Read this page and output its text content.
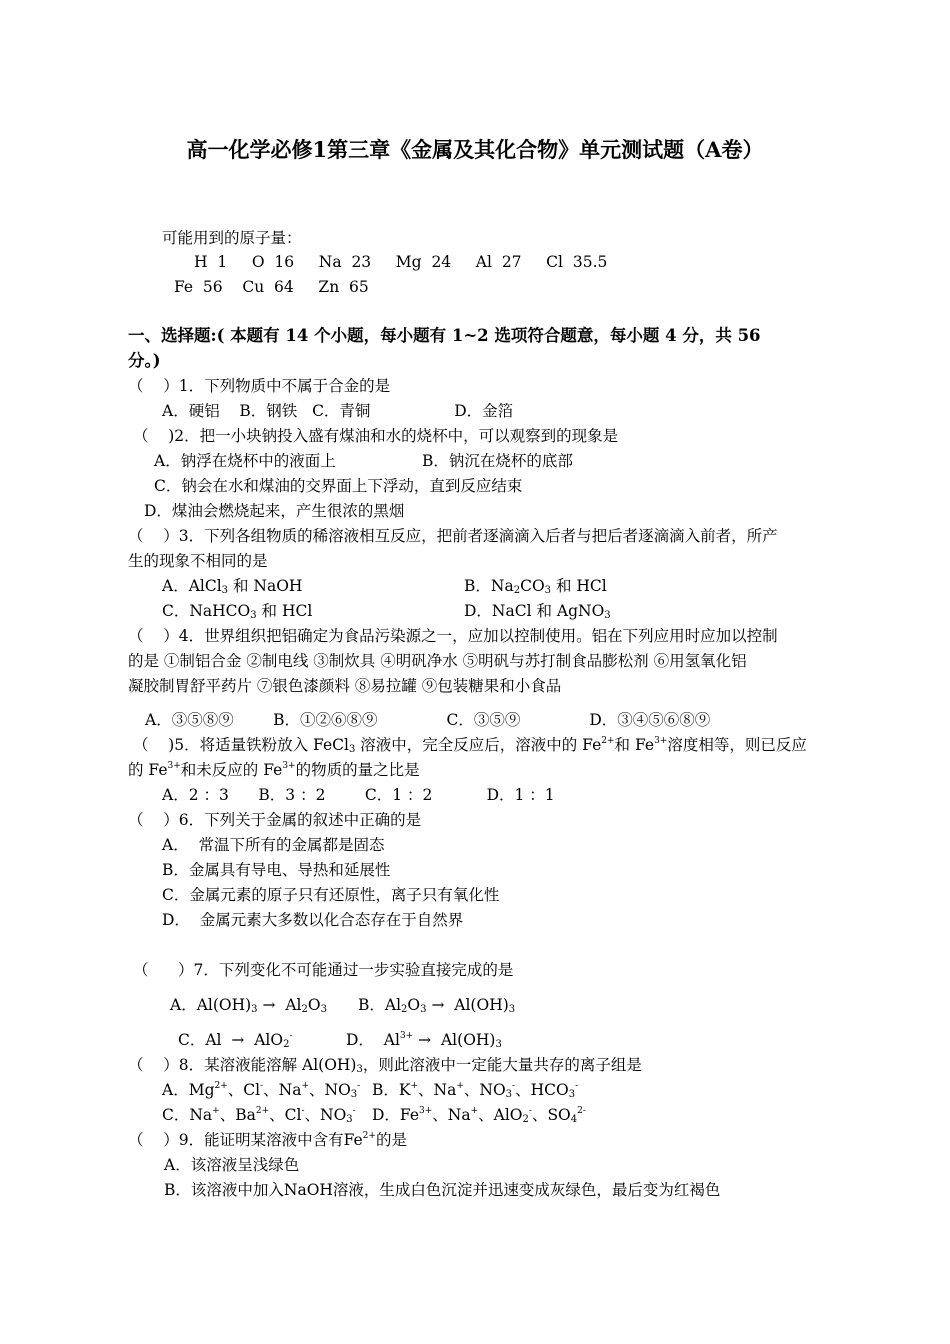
高一化学必修1第三章《金属及其化合物》单元测试题（A卷）
可能用到的原子量：
H  1     O  16     Na  23     Mg  24     Al  27     Cl  35.5
Fe  56    Cu  64     Zn  65
一、选择题:( 本题有 14 个小题，每小题有 1~2 选项符合题意，每小题 4 分，共 56
分。)
（    ）1．下列物质中不属于合金的是
A．硬铝    B．钢铁   C．青铜                 D．金箔
（    )2．把一小块钠投入盛有煤油和水的烧杯中，可以观察到的现象是
A．钠浮在烧杯中的液面上	B．钠沉在烧杯的底部
C．钠会在水和煤油的交界面上下浮动，直到反应结束
D．煤油会燃烧起来，产生很浓的黑烟
（    ）3．下列各组物质的稀溶液相互反应，把前者逐滴滴入后者与把后者逐滴滴入前者，所产
生的现象不相同的是
A．AlCl$_3$ 和 NaOH	B．$Na_2CO_3$ 和 HCl
C．NaHCO$_3$ 和 HCl	D．NaCl 和 AgNO$_3$
（    ）4．世界组织把铝确定为食品污染源之一，应加以控制使用。铝在下列应用时应加以控制
的是 ①制铝合金 ②制电线 ③制炊具 ④明矾净水 ⑤明矾与苏打制食品膨松剂 ⑥用氢氧化铝
凝胶制胃舒平药片 ⑦银色漆颜料 ⑧易拉罐 ⑨包装糖果和小食品
A．③⑤⑧⑨        B．①②⑥⑧⑨              C．③⑤⑨              D．③④⑤⑥⑧⑨
（    )5．将适量铁粉放入 FeCl$_3$ 溶液中，完全反应后，溶液中的 $Fe^{2+}$和 $Fe^{3+}$溶度相等，则已反应
的 $Fe^{3+}$和未反应的 $Fe^{3+}$的物质的量之比是
A．2 ：3      B．3 ：2        C．1 ：2           D．1 ：1
（    ）6．下列关于金属的叙述中正确的是
A．  常温下所有的金属都是固态
B．金属具有导电、导热和延展性
C．金属元素的原子只有还原性，离子只有氧化性
D．  金属元素大多数以化合态存在于自然界
（      ）7．下列变化不可能通过一步实验直接完成的是
A．$Al(OH)_3 \to Al_2O_3$ B．$Al_2O_3 \to Al(OH)_3$
C．Al  →  AlO$_2$-	D．  $Al^{3+} \to Al(OH)_3$
（    ）8．某溶液能溶解 $Al(OH)_3$，则此溶液中一定能大量共存的离子组是
A．$Mg^{2+}$、Cl-、Na+、$NO_3^-$ B．K+、Na+、$NO_3^-$、$HCO_3^-$
C．Na+、$Ba^{2+}$、Cl-、$NO_3^-$ D．$Fe^{3+}$、Na+、AlO$_2$-、$SO_4^{2-}$
（    ）9．能证明某溶液中含有$Fe^{2+}$的是
A．该溶液呈浅绿色
B．该溶液中加入NaOH溶液，生成白色沉淀并迅速变成灰绿色，最后变为红褐色
